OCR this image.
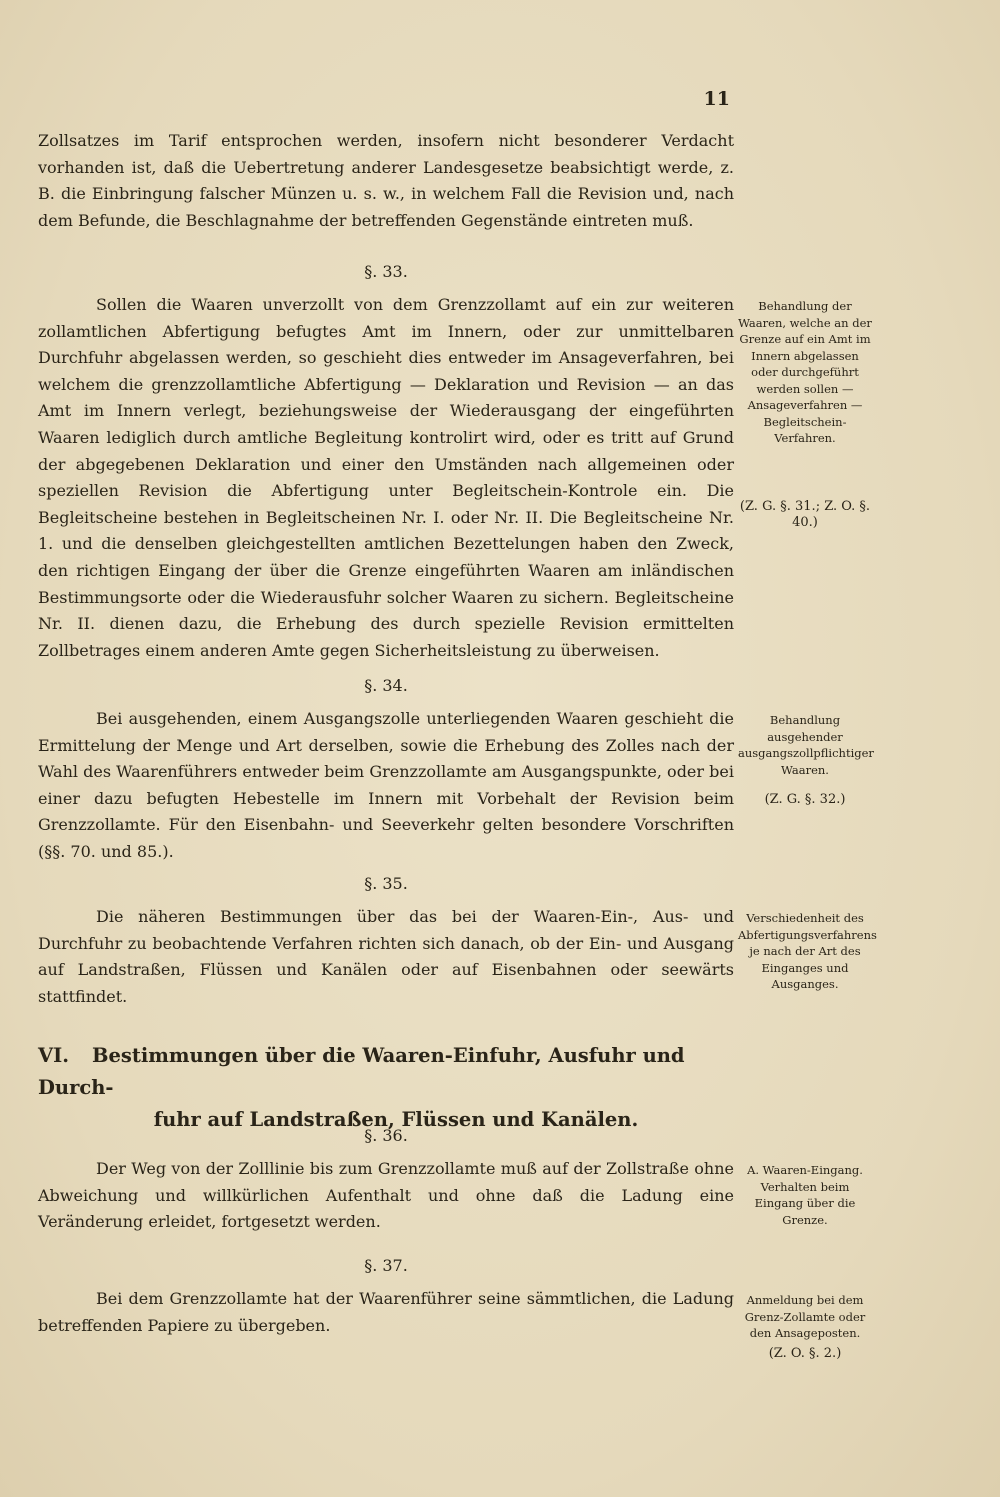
11

Zollsatzes im Tarif entsprochen werden, insofern nicht besonderer Verdacht vorhanden ist, daß die Uebertretung anderer Landesgesetze beabsichtigt werde, z. B. die Einbringung falscher Münzen u. s. w., in welchem Fall die Revision und, nach dem Befunde, die Beschlagnahme der betreffenden Gegenstände eintreten muß.

§. 33.

Sollen die Waaren unverzollt von dem Grenzzollamt auf ein zur weiteren zollamtlichen Abfertigung befugtes Amt im Innern, oder zur unmittelbaren Durchfuhr abgelassen werden, so geschieht dies entweder im Ansageverfahren, bei welchem die grenzzollamtliche Abfertigung — Deklaration und Revision — an das Amt im Innern verlegt, beziehungsweise der Wiederausgang der eingeführten Waaren lediglich durch amtliche Begleitung kontrolirt wird, oder es tritt auf Grund der abgegebenen Deklaration und einer den Umständen nach allgemeinen oder speziellen Revision die Abfertigung unter Begleitschein-Kontrole ein. Die Begleitscheine bestehen in Begleitscheinen Nr. I. oder Nr. II. Die Begleitscheine Nr. 1. und die denselben gleichgestellten amtlichen Bezettelungen haben den Zweck, den richtigen Eingang der über die Grenze eingeführten Waaren am inländischen Bestimmungsorte oder die Wiederausfuhr solcher Waaren zu sichern. Begleitscheine Nr. II. dienen dazu, die Erhebung des durch spezielle Revision ermittelten Zollbetrages einem anderen Amte gegen Sicherheitsleistung zu überweisen.

Behandlung der Waaren, welche an der Grenze auf ein Amt im Innern abgelassen oder durchgeführt werden sollen — Ansageverfahren — Begleitschein-Verfahren.
(Z. G. §. 31.; Z. O. §. 40.)
§. 34.

Bei ausgehenden, einem Ausgangszolle unterliegenden Waaren geschieht die Ermittelung der Menge und Art derselben, sowie die Erhebung des Zolles nach der Wahl des Waarenführers entweder beim Grenzzollamte am Ausgangspunkte, oder bei einer dazu befugten Hebestelle im Innern mit Vorbehalt der Revision beim Grenzzollamte. Für den Eisenbahn- und Seeverkehr gelten besondere Vorschriften (§§. 70. und 85.).

Behandlung ausgehender ausgangszollpflichtiger Waaren.
(Z. G. §. 32.)
§. 35.

Die näheren Bestimmungen über das bei der Waaren-Ein-, Aus- und Durchfuhr zu beobachtende Verfahren richten sich danach, ob der Ein- und Ausgang auf Landstraßen, Flüssen und Kanälen oder auf Eisenbahnen oder seewärts stattfindet.

Verschiedenheit des Abfertigungsverfahrens je nach der Art des Einganges und Ausganges.
VI. Bestimmungen über die Waaren-Einfuhr, Ausfuhr und Durch-
fuhr auf Landstraßen, Flüssen und Kanälen.
§. 36.

Der Weg von der Zolllinie bis zum Grenzzollamte muß auf der Zollstraße ohne Abweichung und willkürlichen Aufenthalt und ohne daß die Ladung eine Veränderung erleidet, fortgesetzt werden.

A. Waaren-Eingang. Verhalten beim Eingang über die Grenze.
§. 37.

Bei dem Grenzzollamte hat der Waarenführer seine sämmtlichen, die Ladung betreffenden Papiere zu übergeben.

Anmeldung bei dem Grenz-Zollamte oder den Ansageposten.
(Z. O. §. 2.)
